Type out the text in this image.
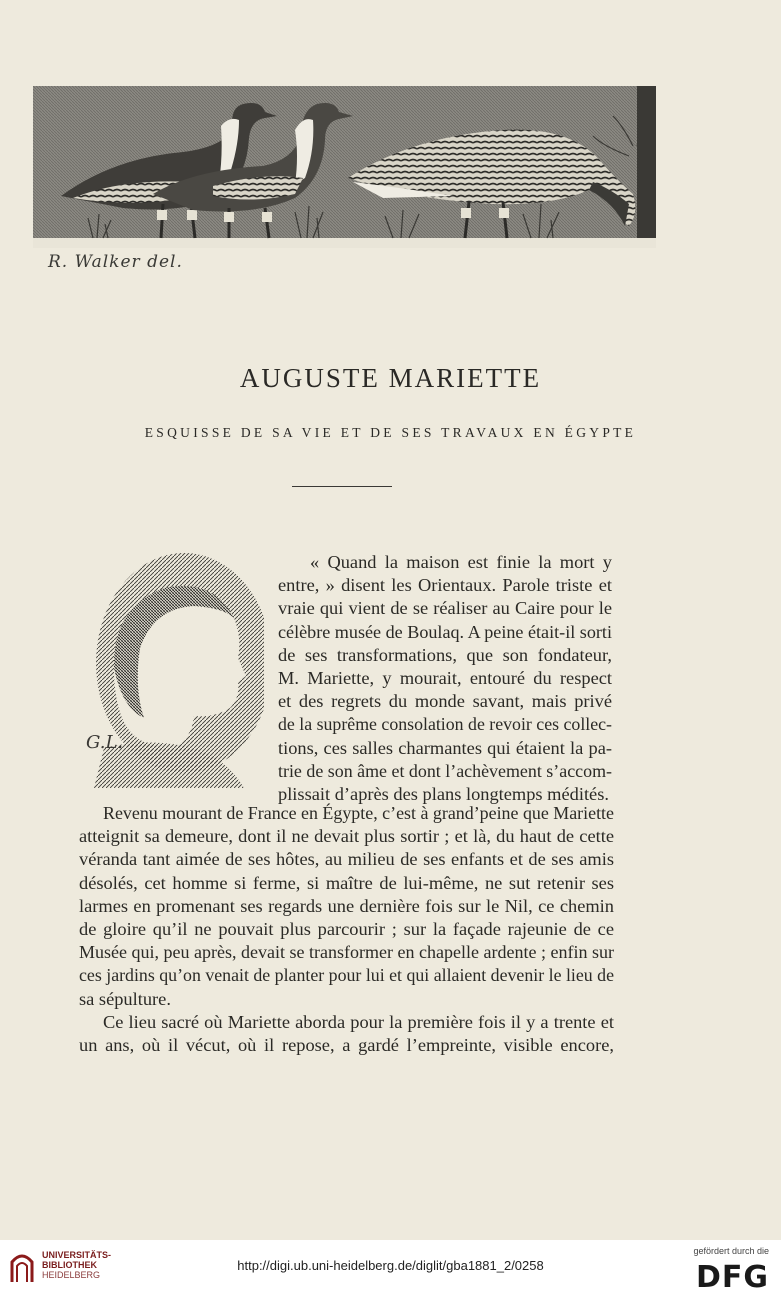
R. Walker del.
AUGUSTE MARIETTE
ESQUISSE DE SA VIE ET DE SES TRAVAUX EN ÉGYPTE
G.L.
« Quand la maison est finie la mort y
entre, » disent les Orientaux. Parole triste et
vraie qui vient de se réaliser au Caire pour le
célèbre musée de Boulaq. A peine était-il sorti
de ses transformations, que son fondateur,
M. Mariette, y mourait, entouré du respect
et des regrets du monde savant, mais privé
de la suprême consolation de revoir ces collec-
tions, ces salles charmantes qui étaient la pa-
trie de son âme et dont l’achèvement s’accom-
plissait d’après des plans longtemps médités.
Revenu mourant de France en Égypte, c’est à grand’peine que Mariette
atteignit sa demeure, dont il ne devait plus sortir ; et là, du haut de cette
véranda tant aimée de ses hôtes, au milieu de ses enfants et de ses amis
désolés, cet homme si ferme, si maître de lui-même, ne sut retenir ses
larmes en promenant ses regards une dernière fois sur le Nil, ce chemin
de gloire qu’il ne pouvait plus parcourir ; sur la façade rajeunie de ce
Musée qui, peu après, devait se transformer en chapelle ardente ; enfin sur
ces jardins qu’on venait de planter pour lui et qui allaient devenir le lieu de
sa sépulture.
Ce lieu sacré où Mariette aborda pour la première fois il y a trente et
un ans, où il vécut, où il repose, a gardé l’empreinte, visible encore,
UNIVERSITÄTS-
BIBLIOTHEK
HEIDELBERG
http://digi.ub.uni-heidelberg.de/diglit/gba1881_2/0258
gefördert durch die
DFG
